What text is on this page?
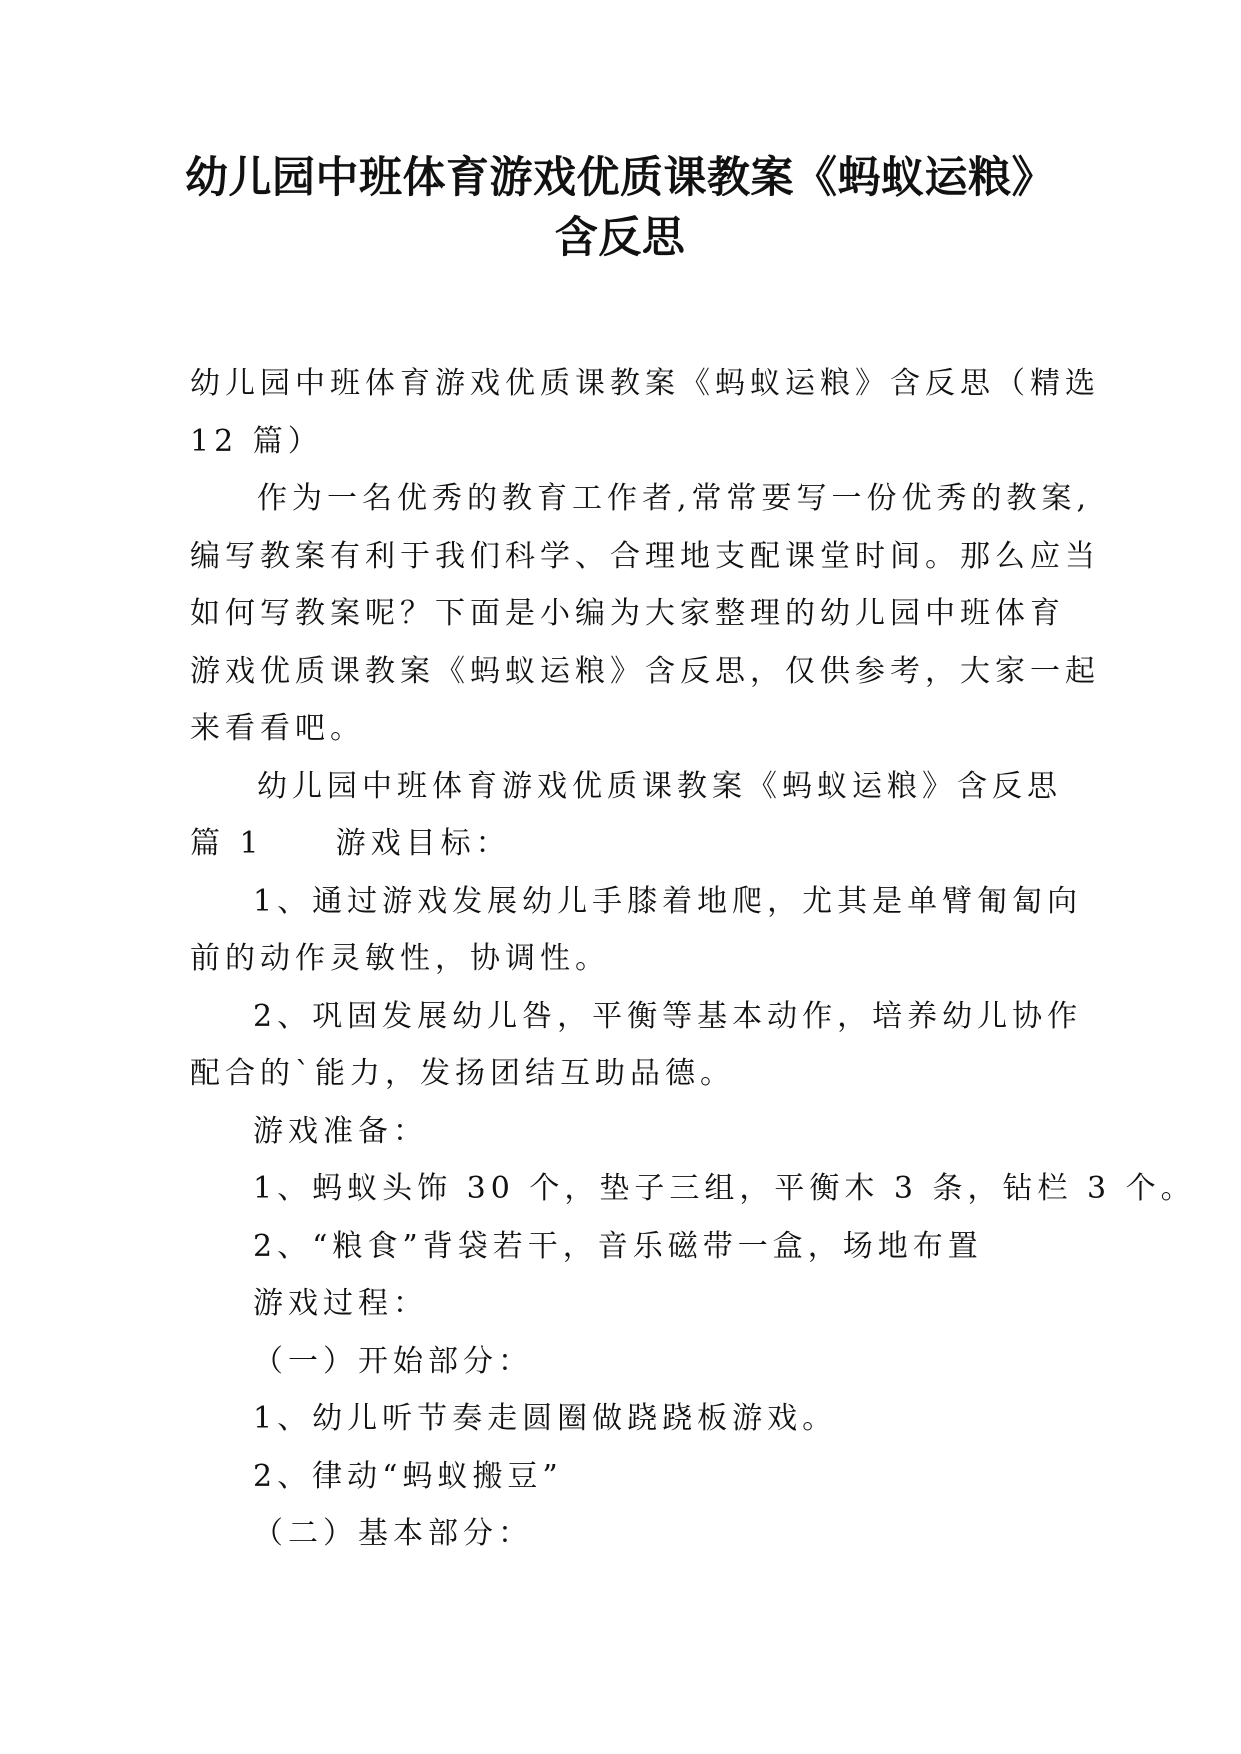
幼儿园中班体育游戏优质课教案《蚂蚁运粮》
含反思
幼儿园中班体育游戏优质课教案《蚂蚁运粮》含反思（精选
12 篇）
作为一名优秀的教育工作者,常常要写一份优秀的教案,
编写教案有利于我们科学、合理地支配课堂时间。那么应当
如何写教案呢？下面是小编为大家整理的幼儿园中班体育
游戏优质课教案《蚂蚁运粮》含反思，仅供参考，大家一起
来看看吧。
幼儿园中班体育游戏优质课教案《蚂蚁运粮》含反思
篇 1 游戏目标：
1、通过游戏发展幼儿手膝着地爬，尤其是单臂匍匐向
前的动作灵敏性，协调性。
2、巩固发展幼儿咎，平衡等基本动作，培养幼儿协作
配合的`能力，发扬团结互助品德。
游戏准备：
1、蚂蚁头饰 30 个，垫子三组，平衡木 3 条，钻栏 3 个。
2、“粮食”背袋若干，音乐磁带一盒，场地布置
游戏过程：
（一）开始部分：
1、幼儿听节奏走圆圈做跷跷板游戏。
2、律动“蚂蚁搬豆”
（二）基本部分：
